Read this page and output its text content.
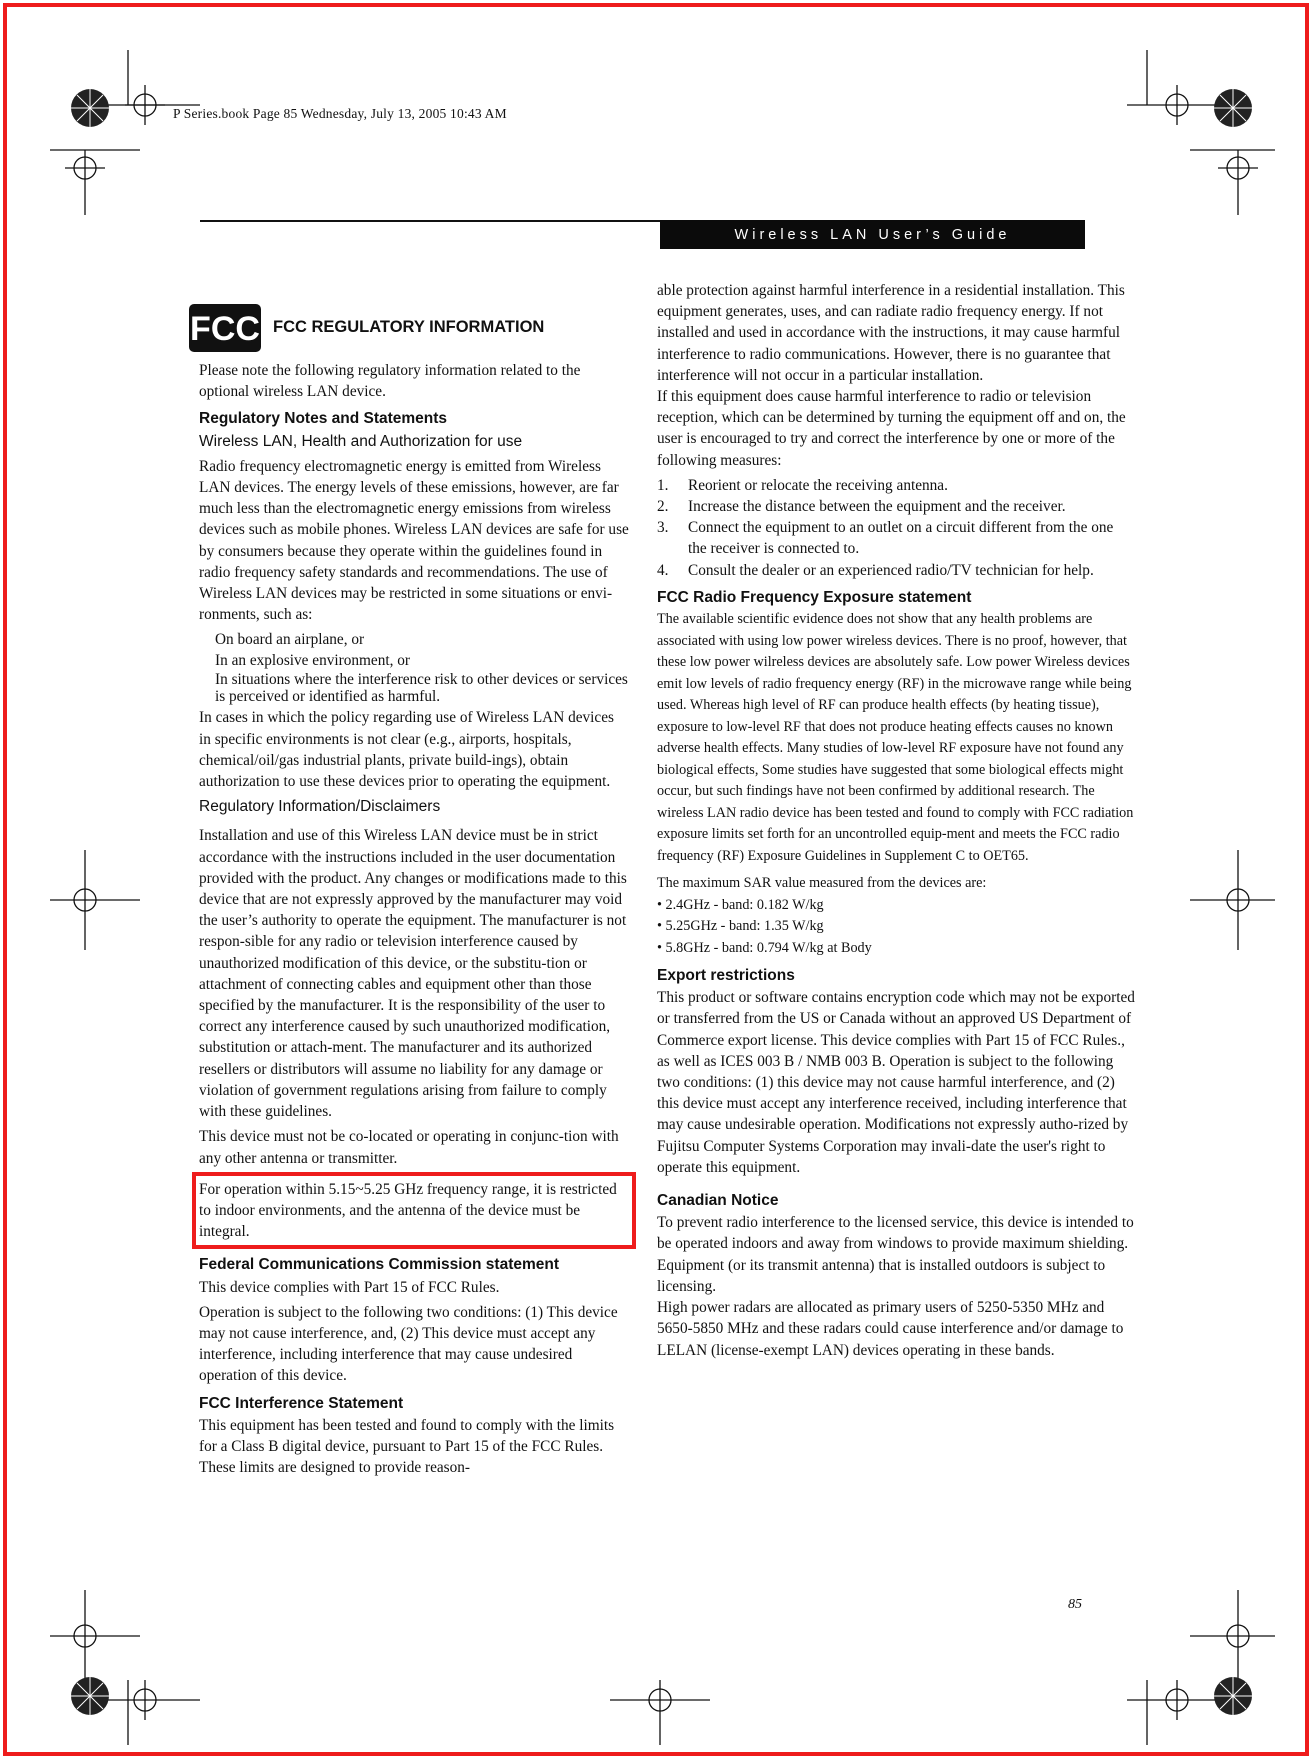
P Series.book Page 85 Wednesday, July 13, 2005 10:43 AM
Wireless LAN User’s Guide
FCC FCC REGULATORY INFORMATION

Please note the following regulatory information related to the optional wireless LAN device.

Regulatory Notes and Statements
Wireless LAN, Health and Authorization for use

Radio frequency electromagnetic energy is emitted from Wireless LAN devices. The energy levels of these emissions, however, are far much less than the electromagnetic energy emissions from wireless devices such as mobile phones. Wireless LAN devices are safe for use by consumers because they operate within the guidelines found in radio frequency safety standards and recommendations. The use of Wireless LAN devices may be restricted in some situations or envi-ronments, such as:

On board an airplane, or
In an explosive environment, or
In situations where the interference risk to other devices or services is perceived or identified as harmful.

In cases in which the policy regarding use of Wireless LAN devices in specific environments is not clear (e.g., airports, hospitals, chemical/oil/gas industrial plants, private build-ings), obtain authorization to use these devices prior to operating the equipment.

Regulatory Information/Disclaimers

Installation and use of this Wireless LAN device must be in strict accordance with the instructions included in the user documentation provided with the product. Any changes or modifications made to this device that are not expressly approved by the manufacturer may void the user’s authority to operate the equipment. The manufacturer is not respon-sible for any radio or television interference caused by unauthorized modification of this device, or the substitu-tion or attachment of connecting cables and equipment other than those specified by the manufacturer. It is the responsibility of the user to correct any interference caused by such unauthorized modification, substitution or attach-ment. The manufacturer and its authorized resellers or distributors will assume no liability for any damage or violation of government regulations arising from failure to comply with these guidelines.

This device must not be co-located or operating in conjunc-tion with any other antenna or transmitter.

For operation within 5.15~5.25 GHz frequency range, it is restricted to indoor environments, and the antenna of the device must be integral.

Federal Communications Commission statement

This device complies with Part 15 of FCC Rules.

Operation is subject to the following two conditions: (1) This device may not cause interference, and, (2) This device must accept any interference, including interference that may cause undesired operation of this device.

FCC Interference Statement

This equipment has been tested and found to comply with the limits for a Class B digital device, pursuant to Part 15 of the FCC Rules. These limits are designed to provide reason-

able protection against harmful interference in a residential installation. This equipment generates, uses, and can radiate radio frequency energy. If not installed and used in accordance with the instructions, it may cause harmful interference to radio communications. However, there is no guarantee that interference will not occur in a particular installation.

If this equipment does cause harmful interference to radio or television reception, which can be determined by turning the equipment off and on, the user is encouraged to try and correct the interference by one or more of the following measures:

1.	Reorient or relocate the receiving antenna.
2.	Increase the distance between the equipment and the receiver.
3.	Connect the equipment to an outlet on a circuit different from the one the receiver is connected to.
4.	Consult the dealer or an experienced radio/TV technician for help.
FCC Radio Frequency Exposure statement

The available scientific evidence does not show that any health problems are associated with using low power wireless devices. There is no proof, however, that these low power wilreless devices are absolutely safe. Low power Wireless devices emit low levels of radio frequency energy (RF) in the microwave range while being used. Whereas high level of RF can produce health effects (by heating tissue), exposure to low-level RF that does not produce heating effects causes no known adverse health effects. Many studies of low-level RF exposure have not found any biological effects, Some studies have suggested that some biological effects might occur, but such findings have not been confirmed by additional research. The wireless LAN radio device has been tested and found to comply with FCC radiation exposure limits set forth for an uncontrolled equip-ment and meets the FCC radio frequency (RF) Exposure Guidelines in Supplement C to OET65.

The maximum SAR value measured from the devices are:

• 2.4GHz - band: 0.182 W/kg
• 5.25GHz - band: 1.35 W/kg
• 5.8GHz - band: 0.794 W/kg at Body
Export restrictions

This product or software contains encryption code which may not be exported or transferred from the US or Canada without an approved US Department of Commerce export license. This device complies with Part 15 of FCC Rules., as well as ICES 003 B / NMB 003 B. Operation is subject to the following two conditions: (1) this device may not cause harmful interference, and (2) this device must accept any interference received, including interference that may cause undesirable operation. Modifications not expressly autho-rized by Fujitsu Computer Systems Corporation may invali-date the user's right to operate this equipment.

Canadian Notice

To prevent radio interference to the licensed service, this device is intended to be operated indoors and away from windows to provide maximum shielding. Equipment (or its transmit antenna) that is installed outdoors is subject to licensing.

High power radars are allocated as primary users of 5250-5350 MHz and 5650-5850 MHz and these radars could cause interference and/or damage to LELAN (license-exempt LAN) devices operating in these bands.

85
